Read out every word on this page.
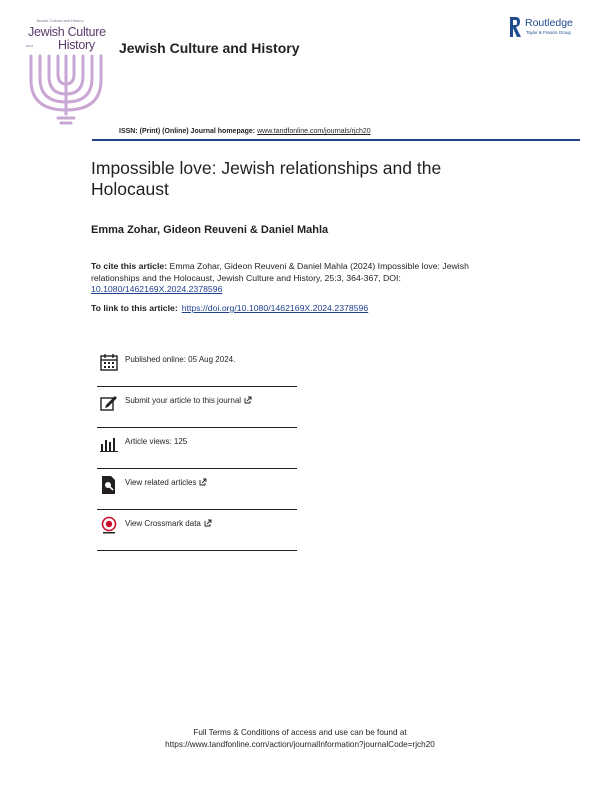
Jewish Culture and History
Jewish Culture
and History	Jewish Culture and History
Routledge
Taylor & Francis Group
ISSN: (Print) (Online) Journal homepage: www.tandfonline.com/journals/rjch20
Impossible love: Jewish relationships and the Holocaust
Emma Zohar, Gideon Reuveni & Daniel Mahla
To cite this article: Emma Zohar, Gideon Reuveni & Daniel Mahla (2024) Impossible love: Jewish relationships and the Holocaust, Jewish Culture and History, 25:3, 364-367, DOI: 10.1080/1462169X.2024.2378596
To link to this article: https://doi.org/10.1080/1462169X.2024.2378596
Published online: 05 Aug 2024.
Submit your article to this journal
Article views: 125
View related articles
View Crossmark data
Full Terms & Conditions of access and use can be found at
https://www.tandfonline.com/action/journalInformation?journalCode=rjch20
